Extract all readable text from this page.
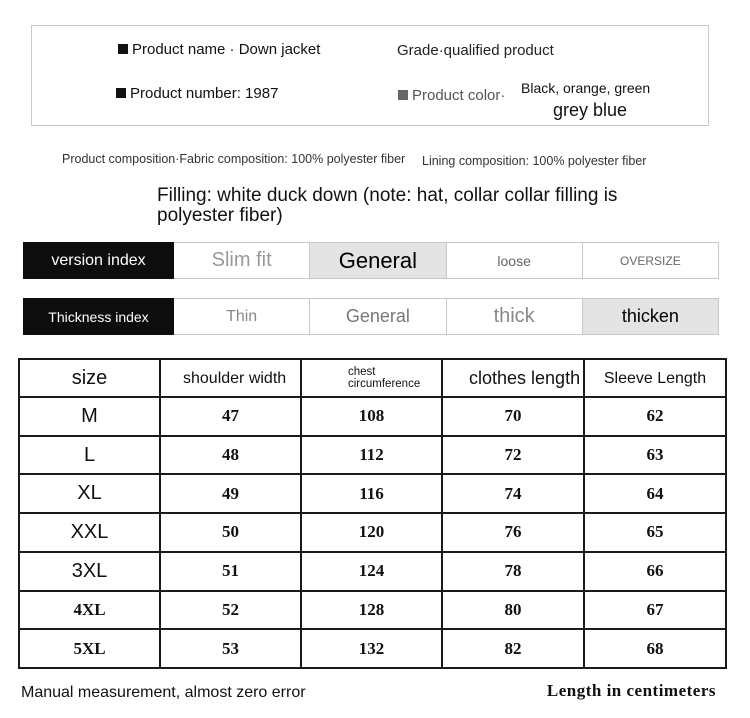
Product name · Down jacket	Grade·qualified product
Product number: 1987	Product color· Black, orange, green
grey blue
Product composition·Fabric composition: 100% polyester fiber	Lining composition: 100% polyester fiber
Filling: white duck down (note: hat, collar collar filling is polyester fiber)
version index	Slim fit	General	loose	OVERSIZE
Thickness index	Thin	General	thick	thicken
size	shoulder width	chest circumference	clothes length	Sleeve Length
M	47	108	70	62
L	48	112	72	63
XL	49	116	74	64
XXL	50	120	76	65
3XL	51	124	78	66
4XL	52	128	80	67
5XL	53	132	82	68
Manual measurement, almost zero error	Length in centimeters
